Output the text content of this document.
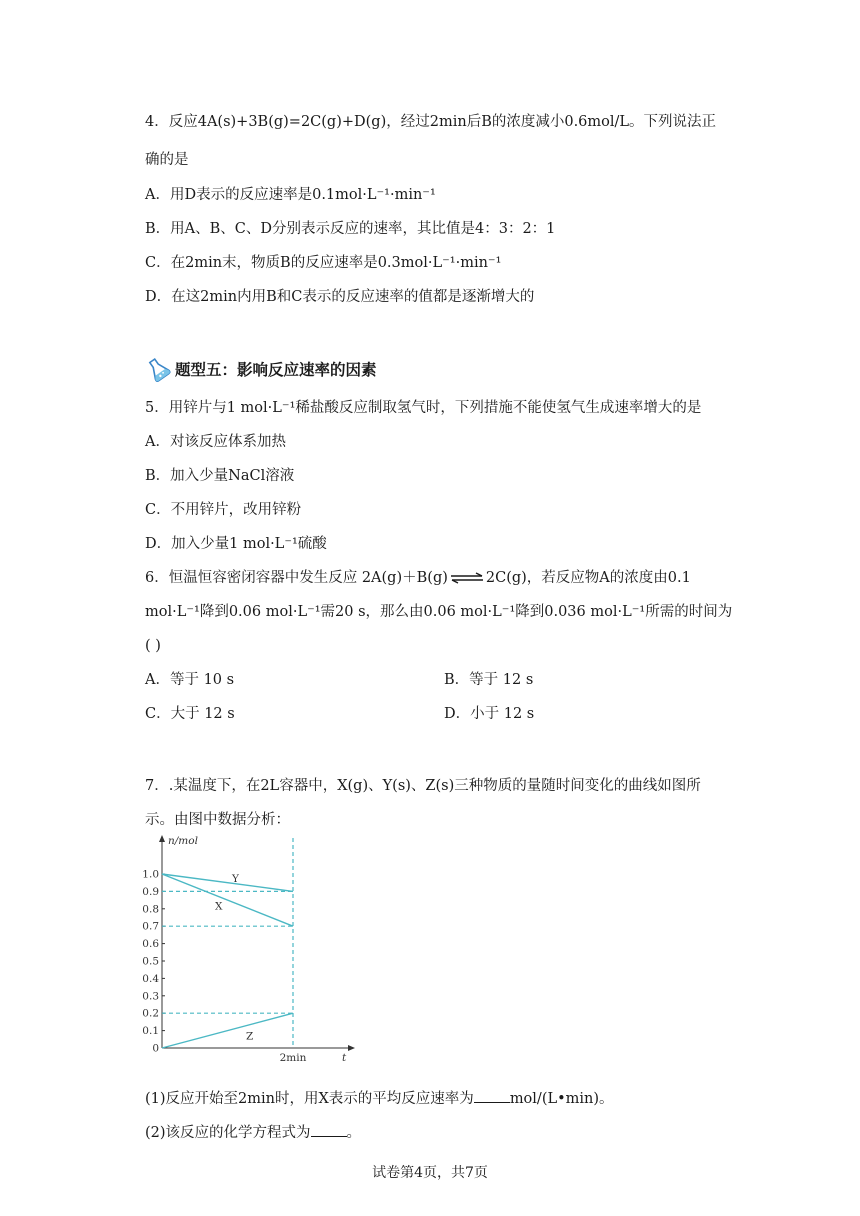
4．反应4A(s)+3B(g)=2C(g)+D(g)，经过2min后B的浓度减小0.6mol/L。下列说法正
确的是
A．用D表示的反应速率是0.1mol·L⁻¹·min⁻¹
B．用A、B、C、D分别表示反应的速率，其比值是4：3：2：1
C．在2min末，物质B的反应速率是0.3mol·L⁻¹·min⁻¹
D．在这2min内用B和C表示的反应速率的值都是逐渐增大的
题型五：影响反应速率的因素
5．用锌片与1 mol·L⁻¹稀盐酸反应制取氢气时，下列措施不能使氢气生成速率增大的是
A．对该反应体系加热
B．加入少量NaCl溶液
C．不用锌片，改用锌粉
D．加入少量1 mol·L⁻¹硫酸
6．恒温恒容密闭容器中发生反应 2A(g)＋B(g)⇌2C(g)，若反应物A的浓度由0.1
mol·L⁻¹降到0.06 mol·L⁻¹需20 s，那么由0.06 mol·L⁻¹降到0.036 mol·L⁻¹所需的时间为
( )
A．等于 10 s	B．等于 12 s
C．大于 12 s	D．小于 12 s
7．.某温度下，在2L容器中，X(g)、Y(s)、Z(s)三种物质的量随时间变化的曲线如图所
示。由图中数据分析：
n/mol
0
0.1
0.2
0.3
0.4
0.5
0.6
0.7
0.8
0.9
1.0	Y
X
Z
2min	t
(1)反应开始至2min时，用X表示的平均反应速率为 mol/(L•min)。
(2)该反应的化学方程式为 。
试卷第4页，共7页
